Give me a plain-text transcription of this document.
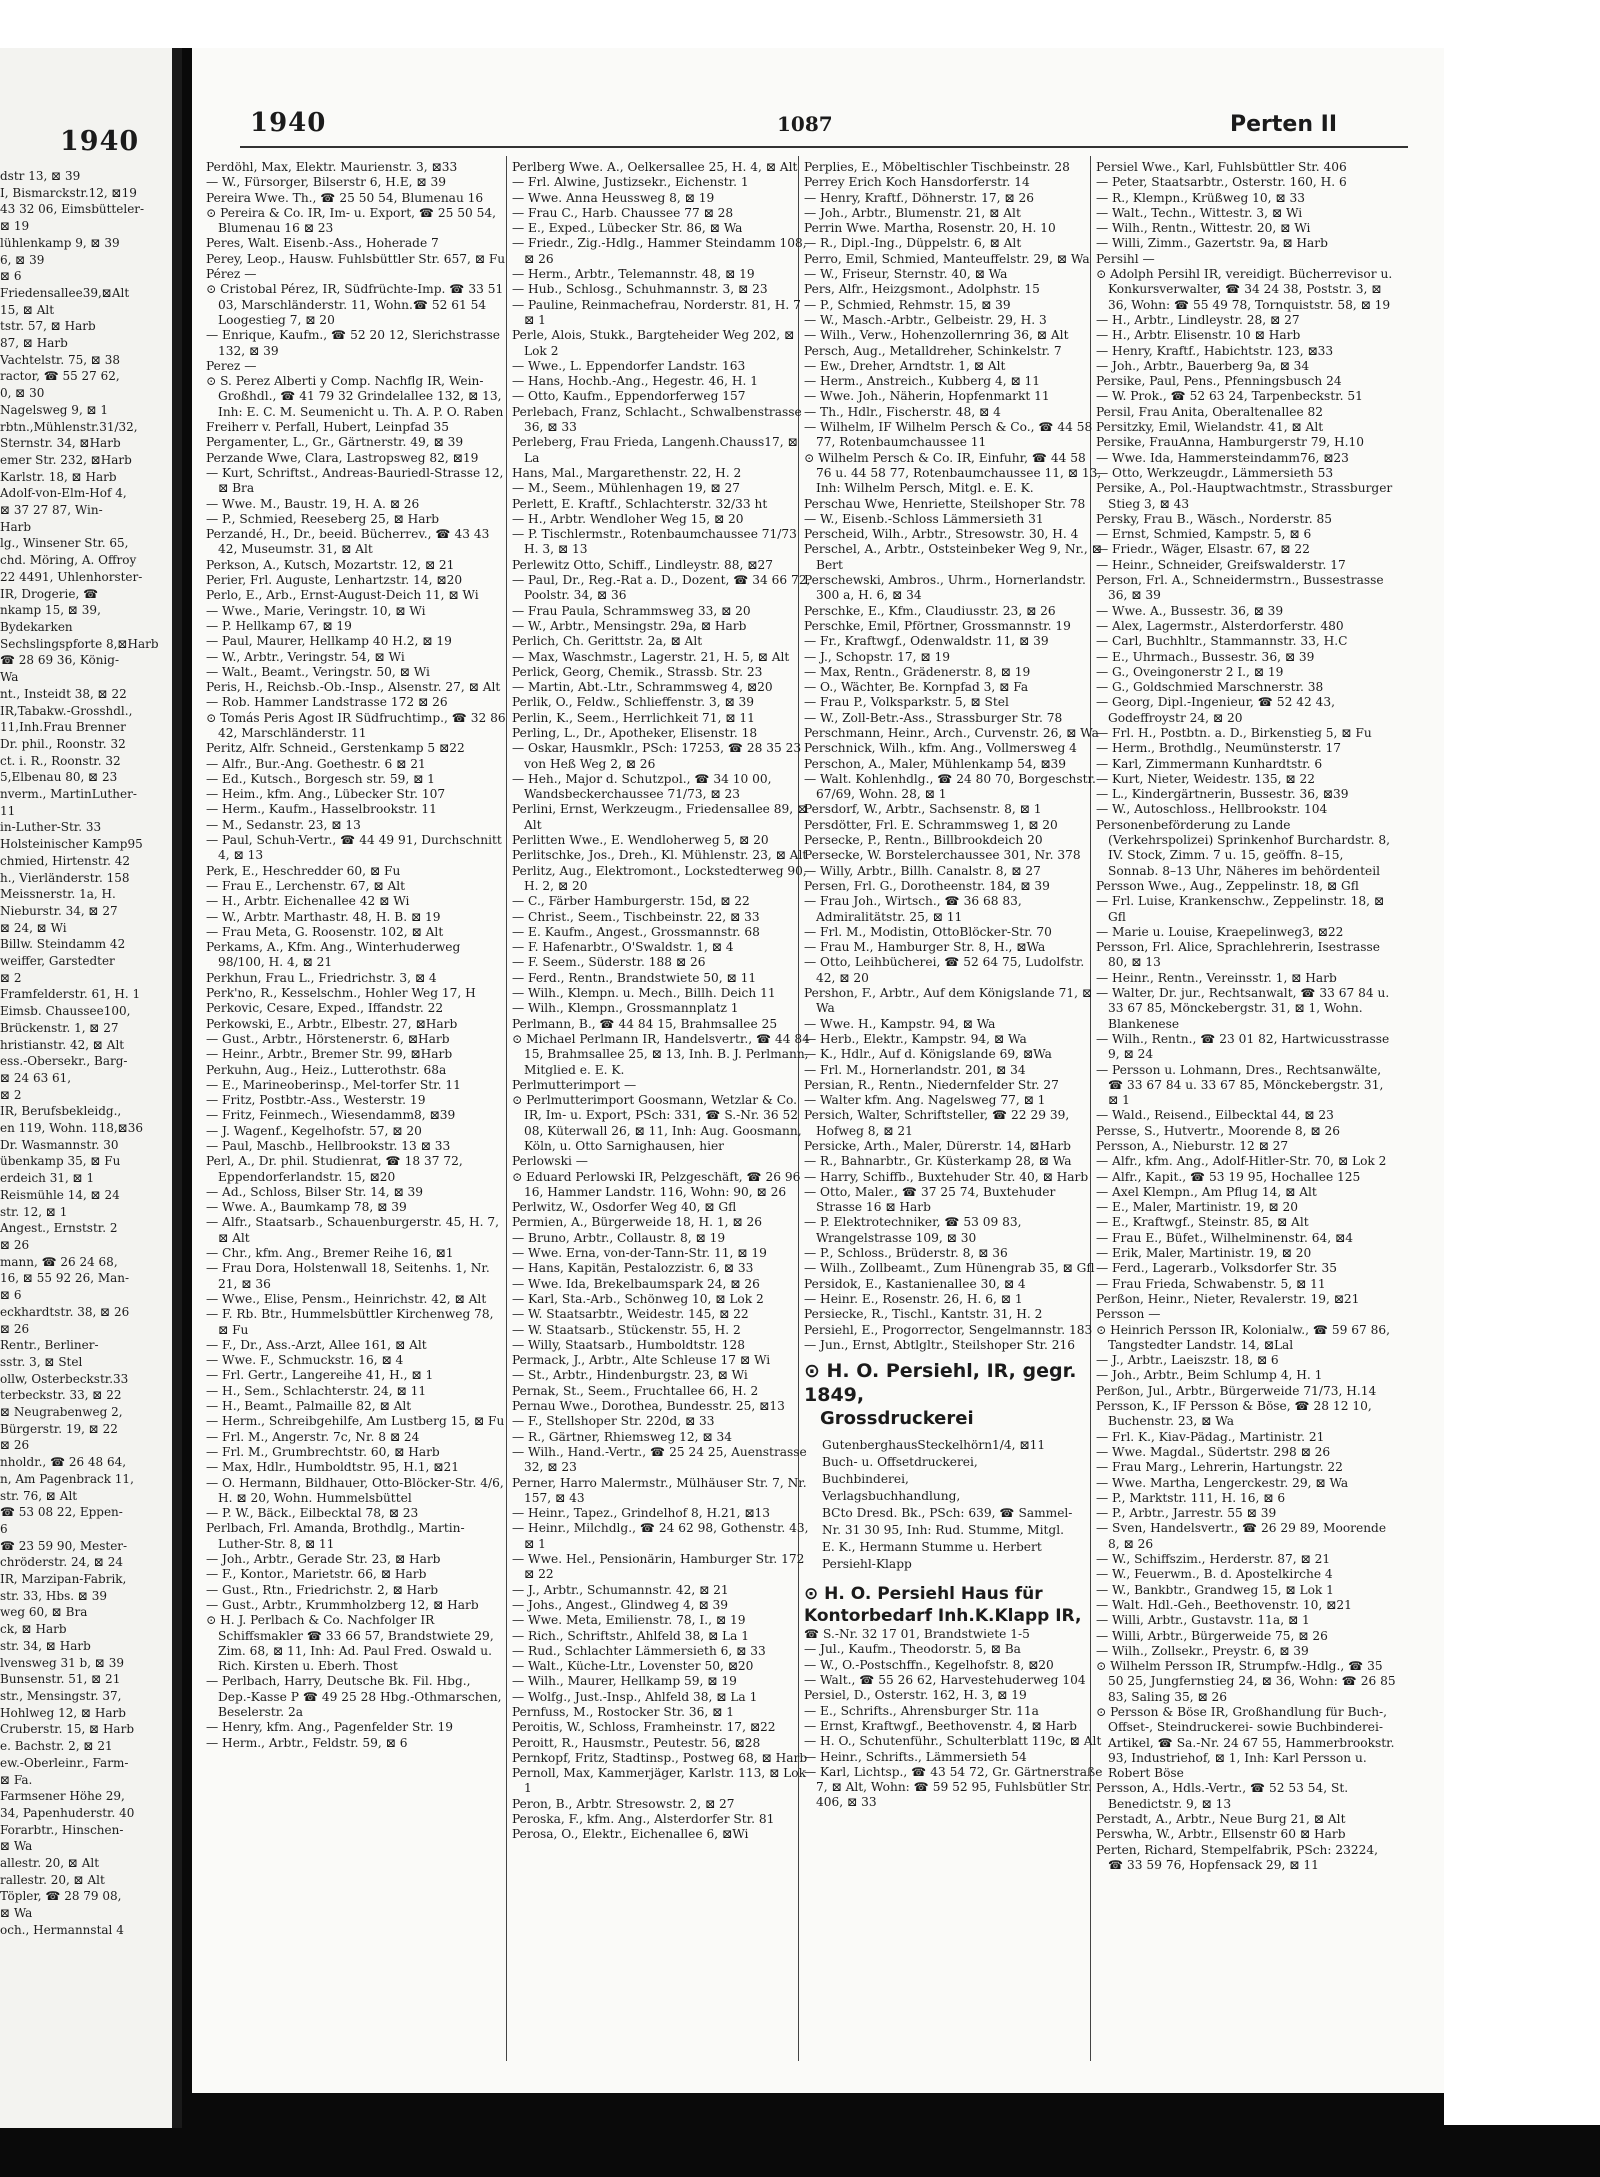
1940
dstr 13, ⊠ 39
I, Bismarckstr.12, ⊠19
43 32 06, Eimsbütteler-
⊠ 19
lühlenkamp 9, ⊠ 39
6, ⊠ 39
⊠ 6
Friedensallee39,⊠Alt
15, ⊠ Alt
tstr. 57, ⊠ Harb
87, ⊠ Harb
Vachtelstr. 75, ⊠ 38
ractor, ☎ 55 27 62,
0, ⊠ 30
Nagelsweg 9, ⊠ 1
rbtn.,Mühlenstr.31/32,
Sternstr. 34, ⊠Harb
emer Str. 232, ⊠Harb
Karlstr. 18, ⊠ Harb
Adolf-von-Elm-Hof 4,
⊠ 37 27 87, Win-
Harb
lg., Winsener Str. 65,
chd. Möring, A. Offroy
22 4491, Uhlenhorster-
IR, Drogerie, ☎
nkamp 15, ⊠ 39,
Bydekarken
Sechslingspforte 8,⊠Harb
☎ 28 69 36, König-
Wa
nt., Insteidt 38, ⊠ 22
IR,Tabakw.-Grosshdl.,
11,Inh.Frau Brenner
Dr. phil., Roonstr. 32
ct. i. R., Roonstr. 32
5,Elbenau 80, ⊠ 23
nverm., MartinLuther-
11
in-Luther-Str. 33
Holsteinischer Kamp95
chmied, Hirtenstr. 42
h., Vierländerstr. 158
Meissnerstr. 1a, H.
Nieburstr. 34, ⊠ 27
⊠ 24, ⊠ Wi
Billw. Steindamm 42
weiffer, Garstedter
⊠ 2
Framfelderstr. 61, H. 1
Eimsb. Chaussee100,
Brückenstr. 1, ⊠ 27
hristianstr. 42, ⊠ Alt
ess.-Obersekr., Barg-
⊠ 24 63 61,
⊠ 2
IR, Berufsbekleidg.,
en 119, Wohn. 118,⊠36
Dr. Wasmannstr. 30
übenkamp 35, ⊠ Fu
erdeich 31, ⊠ 1
Reismühle 14, ⊠ 24
str. 12, ⊠ 1
Angest., Ernststr. 2
⊠ 26
mann, ☎ 26 24 68,
16, ⊠ 55 92 26, Man-
⊠ 6
eckhardtstr. 38, ⊠ 26
⊠ 26
Rentr., Berliner-
sstr. 3, ⊠ Stel
ollw, Osterbeckstr.33
terbeckstr. 33, ⊠ 22
⊠ Neugrabenweg 2,
Bürgerstr. 19, ⊠ 22
⊠ 26
nholdr., ☎ 26 48 64,
n, Am Pagenbrack 11,
str. 76, ⊠ Alt
☎ 53 08 22, Eppen-
6
☎ 23 59 90, Mester-
chröderstr. 24, ⊠ 24
IR, Marzipan-Fabrik,
str. 33, Hbs. ⊠ 39
weg 60, ⊠ Bra
ck, ⊠ Harb
str. 34, ⊠ Harb
lvensweg 31 b, ⊠ 39
Bunsenstr. 51, ⊠ 21
str., Mensingstr. 37,
Hohlweg 12, ⊠ Harb
Cruberstr. 15, ⊠ Harb
e. Bachstr. 2, ⊠ 21
ew.-Oberleinr., Farm-
⊠ Fa.
Farmsener Höhe 29,
34, Papenhuderstr. 40
Forarbtr., Hinschen-
⊠ Wa
allestr. 20, ⊠ Alt
rallestr. 20, ⊠ Alt
Töpler, ☎ 28 79 08,
⊠ Wa
och., Hermannstal 4
1940	1087	Perten II
Perdöhl, Max, Elektr. Maurienstr. 3, ⊠33
— W., Fürsorger, Bilserstr 6, H.E, ⊠ 39
Pereira Wwe. Th., ☎ 25 50 54, Blumenau 16
⊙ Pereira & Co. IR, Im- u. Export, ☎ 25 50 54, Blumenau 16 ⊠ 23
Peres, Walt. Eisenb.-Ass., Hoherade 7
Perey, Leop., Hausw. Fuhlsbüttler Str. 657, ⊠ Fu
Pérez —
⊙ Cristobal Pérez, IR, Südfrüchte-Imp. ☎ 33 51 03, Marschländerstr. 11, Wohn.☎ 52 61 54 Loogestieg 7, ⊠ 20
— Enrique, Kaufm., ☎ 52 20 12, Slerichstrasse 132, ⊠ 39
Perez —
⊙ S. Perez Alberti y Comp. Nachflg IR, Wein-Großhdl., ☎ 41 79 32 Grindelallee 132, ⊠ 13, Inh: E. C. M. Seumenicht u. Th. A. P. O. Raben
Freiherr v. Perfall, Hubert, Leinpfad 35
Pergamenter, L., Gr., Gärtnerstr. 49, ⊠ 39
Perzande Wwe, Clara, Lastropsweg 82, ⊠19
— Kurt, Schriftst., Andreas-Bauriedl-Strasse 12, ⊠ Bra
— Wwe. M., Baustr. 19, H. A. ⊠ 26
— P., Schmied, Reeseberg 25, ⊠ Harb
Perzandé, H., Dr., beeid. Bücherrev., ☎ 43 43 42, Museumstr. 31, ⊠ Alt
Perkson, A., Kutsch, Mozartstr. 12, ⊠ 21
Perier, Frl. Auguste, Lenhartzstr. 14, ⊠20
Perlo, E., Arb., Ernst-August-Deich 11, ⊠ Wi
— Wwe., Marie, Veringstr. 10, ⊠ Wi
— P. Hellkamp 67, ⊠ 19
— Paul, Maurer, Hellkamp 40 H.2, ⊠ 19
— W., Arbtr., Veringstr. 54, ⊠ Wi
— Walt., Beamt., Veringstr. 50, ⊠ Wi
Peris, H., Reichsb.-Ob.-Insp., Alsenstr. 27, ⊠ Alt
— Rob. Hammer Landstrasse 172 ⊠ 26
⊙ Tomás Peris Agost IR Südfruchtimp., ☎ 32 86 42, Marschländerstr. 11
Peritz, Alfr. Schneid., Gerstenkamp 5 ⊠22
— Alfr., Bur.-Ang. Goethestr. 6 ⊠ 21
— Ed., Kutsch., Borgesch str. 59, ⊠ 1
— Heim., kfm. Ang., Lübecker Str. 107
— Herm., Kaufm., Hasselbrookstr. 11
— M., Sedanstr. 23, ⊠ 13
— Paul, Schuh-Vertr., ☎ 44 49 91, Durchschnitt 4, ⊠ 13
Perk, E., Heschredder 60, ⊠ Fu
— Frau E., Lerchenstr. 67, ⊠ Alt
— H., Arbtr. Eichenallee 42 ⊠ Wi
— W., Arbtr. Marthastr. 48, H. B. ⊠ 19
— Frau Meta, G. Roosenstr. 102, ⊠ Alt
Perkams, A., Kfm. Ang., Winterhuderweg 98/100, H. 4, ⊠ 21
Perkhun, Frau L., Friedrichstr. 3, ⊠ 4
Perk'no, R., Kesselschm., Hohler Weg 17, H
Perkovic, Cesare, Exped., Iffandstr. 22
Perkowski, E., Arbtr., Elbestr. 27, ⊠Harb
— Gust., Arbtr., Hörstenerstr. 6, ⊠Harb
— Heinr., Arbtr., Bremer Str. 99, ⊠Harb
Perkuhn, Aug., Heiz., Lutterothstr. 68a
— E., Marineoberinsp., Mel-torfer Str. 11
— Fritz, Postbtr.-Ass., Westerstr. 19
— Fritz, Feinmech., Wiesendamm8, ⊠39
— J. Wagenf., Kegelhofstr. 57, ⊠ 20
— Paul, Maschb., Hellbrookstr. 13 ⊠ 33
Perl, A., Dr. phil. Studienrat, ☎ 18 37 72, Eppendorferlandstr. 15, ⊠20
— Ad., Schloss, Bilser Str. 14, ⊠ 39
— Wwe. A., Baumkamp 78, ⊠ 39
— Alfr., Staatsarb., Schauenburgerstr. 45, H. 7, ⊠ Alt
— Chr., kfm. Ang., Bremer Reihe 16, ⊠1
— Frau Dora, Holstenwall 18, Seitenhs. 1, Nr. 21, ⊠ 36
— Wwe., Elise, Pensm., Heinrichstr. 42, ⊠ Alt
— F. Rb. Btr., Hummelsbüttler Kirchenweg 78, ⊠ Fu
— F., Dr., Ass.-Arzt, Allee 161, ⊠ Alt
— Wwe. F., Schmuckstr. 16, ⊠ 4
— Frl. Gertr., Langereihe 41, H., ⊠ 1
— H., Sem., Schlachterstr. 24, ⊠ 11
— H., Beamt., Palmaille 82, ⊠ Alt
— Herm., Schreibgehilfe, Am Lustberg 15, ⊠ Fu
— Frl. M., Angerstr. 7c, Nr. 8 ⊠ 24
— Frl. M., Grumbrechtstr. 60, ⊠ Harb
— Max, Hdlr., Humboldtstr. 95, H.1, ⊠21
— O. Hermann, Bildhauer, Otto-Blöcker-Str. 4/6, H. ⊠ 20, Wohn. Hummelsbüttel
— P. W., Bäck., Eilbecktal 78, ⊠ 23
Perlbach, Frl. Amanda, Brothdlg., Martin-Luther-Str. 8, ⊠ 11
— Joh., Arbtr., Gerade Str. 23, ⊠ Harb
— F., Kontor., Marietstr. 66, ⊠ Harb
— Gust., Rtn., Friedrichstr. 2, ⊠ Harb
— Gust., Arbtr., Krummholzberg 12, ⊠ Harb
⊙ H. J. Perlbach & Co. Nachfolger IR Schiffsmakler ☎ 33 66 57, Brandstwiete 29, Zim. 68, ⊠ 11, Inh: Ad. Paul Fred. Oswald u. Rich. Kirsten u. Eberh. Thost
— Perlbach, Harry, Deutsche Bk. Fil. Hbg., Dep.-Kasse P ☎ 49 25 28 Hbg.-Othmarschen, Beselerstr. 2a
— Henry, kfm. Ang., Pagenfelder Str. 19
— Herm., Arbtr., Feldstr. 59, ⊠ 6
Perlberg Wwe. A., Oelkersallee 25, H. 4, ⊠ Alt
— Frl. Alwine, Justizsekr., Eichenstr. 1
— Wwe. Anna Heussweg 8, ⊠ 19
— Frau C., Harb. Chaussee 77 ⊠ 28
— E., Exped., Lübecker Str. 86, ⊠ Wa
— Friedr., Zig.-Hdlg., Hammer Steindamm 108, ⊠ 26
— Herm., Arbtr., Telemannstr. 48, ⊠ 19
— Hub., Schlosg., Schuhmannstr. 3, ⊠ 23
— Pauline, Reinmachefrau, Norderstr. 81, H. 7 ⊠ 1
Perle, Alois, Stukk., Bargteheider Weg 202, ⊠ Lok 2
— Wwe., L. Eppendorfer Landstr. 163
— Hans, Hochb.-Ang., Hegestr. 46, H. 1
— Otto, Kaufm., Eppendorferweg 157
Perlebach, Franz, Schlacht., Schwalbenstrasse 36, ⊠ 33
Perleberg, Frau Frieda, Langenh.Chauss17, ⊠ La
Hans, Mal., Margarethenstr. 22, H. 2
— M., Seem., Mühlenhagen 19, ⊠ 27
Perlett, E. Kraftf., Schlachterstr. 32/33 ht
— H., Arbtr. Wendloher Weg 15, ⊠ 20
— P. Tischlermstr., Rotenbaumchaussee 71/73 H. 3, ⊠ 13
Perlewitz Otto, Schiff., Lindleystr. 88, ⊠27
— Paul, Dr., Reg.-Rat a. D., Dozent, ☎ 34 66 72, Poolstr. 34, ⊠ 36
— Frau Paula, Schrammsweg 33, ⊠ 20
— W., Arbtr., Mensingstr. 29a, ⊠ Harb
Perlich, Ch. Gerittstr. 2a, ⊠ Alt
— Max, Waschmstr., Lagerstr. 21, H. 5, ⊠ Alt
Perlick, Georg, Chemik., Strassb. Str. 23
— Martin, Abt.-Ltr., Schrammsweg 4, ⊠20
Perlik, O., Feldw., Schlieffenstr. 3, ⊠ 39
Perlin, K., Seem., Herrlichkeit 71, ⊠ 11
Perling, L., Dr., Apotheker, Elisenstr. 18
— Oskar, Hausmklr., PSch: 17253, ☎ 28 35 23 von Heß Weg 2, ⊠ 26
— Heh., Major d. Schutzpol., ☎ 34 10 00, Wandsbeckerchaussee 71/73, ⊠ 23
Perlini, Ernst, Werkzeugm., Friedensallee 89, ⊠ Alt
Perlitten Wwe., E. Wendloherweg 5, ⊠ 20
Perlitschke, Jos., Dreh., Kl. Mühlenstr. 23, ⊠ Alt
Perlitz, Aug., Elektromont., Lockstedterweg 90, H. 2, ⊠ 20
— C., Färber Hamburgerstr. 15d, ⊠ 22
— Christ., Seem., Tischbeinstr. 22, ⊠ 33
— E. Kaufm., Angest., Grossmannstr. 68
— F. Hafenarbtr., O'Swaldstr. 1, ⊠ 4
— F. Seem., Süderstr. 188 ⊠ 26
— Ferd., Rentn., Brandstwiete 50, ⊠ 11
— Wilh., Klempn. u. Mech., Billh. Deich 11
— Wilh., Klempn., Grossmannplatz 1
Perlmann, B., ☎ 44 84 15, Brahmsallee 25
⊙ Michael Perlmann IR, Handelsvertr., ☎ 44 84 15, Brahmsallee 25, ⊠ 13, Inh. B. J. Perlmann, Mitglied e. E. K.
Perlmutterimport —
⊙ Perlmutterimport Goosmann, Wetzlar & Co. IR, Im- u. Export, PSch: 331, ☎ S.-Nr. 36 52 08, Küterwall 26, ⊠ 11, Inh: Aug. Goosmann, Köln, u. Otto Sarnighausen, hier
Perlowski —
⊙ Eduard Perlowski IR, Pelzgeschäft, ☎ 26 96 16, Hammer Landstr. 116, Wohn: 90, ⊠ 26
Perlwitz, W., Osdorfer Weg 40, ⊠ Gfl
Permien, A., Bürgerweide 18, H. 1, ⊠ 26
— Bruno, Arbtr., Collaustr. 8, ⊠ 19
— Wwe. Erna, von-der-Tann-Str. 11, ⊠ 19
— Hans, Kapitän, Pestalozzistr. 6, ⊠ 33
— Wwe. Ida, Brekelbaumspark 24, ⊠ 26
— Karl, Sta.-Arb., Schönweg 10, ⊠ Lok 2
— W. Staatsarbtr., Weidestr. 145, ⊠ 22
— W. Staatsarb., Stückenstr. 55, H. 2
— Willy, Staatsarb., Humboldtstr. 128
Permack, J., Arbtr., Alte Schleuse 17 ⊠ Wi
— St., Arbtr., Hindenburgstr. 23, ⊠ Wi
Pernak, St., Seem., Fruchtallee 66, H. 2
Pernau Wwe., Dorothea, Bundesstr. 25, ⊠13
— F., Stellshoper Str. 220d, ⊠ 33
— R., Gärtner, Rhiemsweg 12, ⊠ 34
— Wilh., Hand.-Vertr., ☎ 25 24 25, Auenstrasse 32, ⊠ 23
Perner, Harro Malermstr., Mülhäuser Str. 7, Nr. 157, ⊠ 43
— Heinr., Tapez., Grindelhof 8, H.21, ⊠13
— Heinr., Milchdlg., ☎ 24 62 98, Gothenstr. 43, ⊠ 1
— Wwe. Hel., Pensionärin, Hamburger Str. 172 ⊠ 22
— J., Arbtr., Schumannstr. 42, ⊠ 21
— Johs., Angest., Glindweg 4, ⊠ 39
— Wwe. Meta, Emilienstr. 78, I., ⊠ 19
— Rich., Schriftstr., Ahlfeld 38, ⊠ La 1
— Rud., Schlachter Lämmersieth 6, ⊠ 33
— Walt., Küche-Ltr., Lovenster 50, ⊠20
— Wilh., Maurer, Hellkamp 59, ⊠ 19
— Wolfg., Just.-Insp., Ahlfeld 38, ⊠ La 1
Pernfuss, M., Rostocker Str. 36, ⊠ 1
Peroitis, W., Schloss, Framheinstr. 17, ⊠22
Peroitt, R., Hausmstr., Peutestr. 56, ⊠28
Pernkopf, Fritz, Stadtinsp., Postweg 68, ⊠ Harb
Pernoll, Max, Kammerjäger, Karlstr. 113, ⊠ Lok 1
Peron, B., Arbtr. Stresowstr. 2, ⊠ 27
Peroska, F., kfm. Ang., Alsterdorfer Str. 81
Perosa, O., Elektr., Eichenallee 6, ⊠Wi
Perplies, E., Möbeltischler Tischbeinstr. 28
Perrey Erich Koch Hansdorferstr. 14
— Henry, Kraftf., Döhnerstr. 17, ⊠ 26
— Joh., Arbtr., Blumenstr. 21, ⊠ Alt
Perrin Wwe. Martha, Rosenstr. 20, H. 10
— R., Dipl.-Ing., Düppelstr. 6, ⊠ Alt
Perro, Emil, Schmied, Manteuffelstr. 29, ⊠ Wa
— W., Friseur, Sternstr. 40, ⊠ Wa
Pers, Alfr., Heizgsmont., Adolphstr. 15
— P., Schmied, Rehmstr. 15, ⊠ 39
— W., Masch.-Arbtr., Gelbeistr. 29, H. 3
— Wilh., Verw., Hohenzollernring 36, ⊠ Alt
Persch, Aug., Metalldreher, Schinkelstr. 7
— Ew., Dreher, Arndtstr. 1, ⊠ Alt
— Herm., Anstreich., Kubberg 4, ⊠ 11
— Wwe. Joh., Näherin, Hopfenmarkt 11
— Th., Hdlr., Fischerstr. 48, ⊠ 4
— Wilhelm, IF Wilhelm Persch & Co., ☎ 44 58 77, Rotenbaumchaussee 11
⊙ Wilhelm Persch & Co. IR, Einfuhr, ☎ 44 58 76 u. 44 58 77, Rotenbaumchaussee 11, ⊠ 13, Inh: Wilhelm Persch, Mitgl. e. E. K.
Perschau Wwe, Henriette, Steilshoper Str. 78
— W., Eisenb.-Schloss Lämmersieth 31
Perscheid, Wilh., Arbtr., Stresowstr. 30, H. 4
Perschel, A., Arbtr., Oststeinbeker Weg 9, Nr., ⊠ Bert
Perschewski, Ambros., Uhrm., Hornerlandstr. 300 a, H. 6, ⊠ 34
Perschke, E., Kfm., Claudiusstr. 23, ⊠ 26
Perschke, Emil, Pförtner, Grossmannstr. 19
— Fr., Kraftwgf., Odenwaldstr. 11, ⊠ 39
— J., Schopstr. 17, ⊠ 19
— Max, Rentn., Grädenerstr. 8, ⊠ 19
— O., Wächter, Be. Kornpfad 3, ⊠ Fa
— Frau P., Volksparkstr. 5, ⊠ Stel
— W., Zoll-Betr.-Ass., Strassburger Str. 78
Perschmann, Heinr., Arch., Curvenstr. 26, ⊠ Wa
Perschnick, Wilh., kfm. Ang., Vollmersweg 4
Perschon, A., Maler, Mühlenkamp 54, ⊠39
— Walt. Kohlenhdlg., ☎ 24 80 70, Borgeschstr. 67/69, Wohn. 28, ⊠ 1
Persdorf, W., Arbtr., Sachsenstr. 8, ⊠ 1
Persdötter, Frl. E. Schrammsweg 1, ⊠ 20
Persecke, P., Rentn., Billbrookdeich 20
Persecke, W. Borstelerchaussee 301, Nr. 378
— Willy, Arbtr., Billh. Canalstr. 8, ⊠ 27
Persen, Frl. G., Dorotheenstr. 184, ⊠ 39
— Frau Joh., Wirtsch., ☎ 36 68 83, Admiralitätstr. 25, ⊠ 11
— Frl. M., Modistin, OttoBlöcker-Str. 70
— Frau M., Hamburger Str. 8, H., ⊠Wa
— Otto, Leihbücherei, ☎ 52 64 75, Ludolfstr. 42, ⊠ 20
Pershon, F., Arbtr., Auf dem Königslande 71, ⊠ Wa
— Wwe. H., Kampstr. 94, ⊠ Wa
— Herb., Elektr., Kampstr. 94, ⊠ Wa
— K., Hdlr., Auf d. Königslande 69, ⊠Wa
— Frl. M., Hornerlandstr. 201, ⊠ 34
Persian, R., Rentn., Niedernfelder Str. 27
— Walter kfm. Ang. Nagelsweg 77, ⊠ 1
Persich, Walter, Schriftsteller, ☎ 22 29 39, Hofweg 8, ⊠ 21
Persicke, Arth., Maler, Dürerstr. 14, ⊠Harb
— R., Bahnarbtr., Gr. Küsterkamp 28, ⊠ Wa
— Harry, Schiffb., Buxtehuder Str. 40, ⊠ Harb
— Otto, Maler., ☎ 37 25 74, Buxtehuder Strasse 16 ⊠ Harb
— P. Elektrotechniker, ☎ 53 09 83, Wrangelstrasse 109, ⊠ 30
— P., Schloss., Brüderstr. 8, ⊠ 36
— Wilh., Zollbeamt., Zum Hünengrab 35, ⊠ Gfl
Persidok, E., Kastanienallee 30, ⊠ 4
— Heinr. E., Rosenstr. 26, H. 6, ⊠ 1
Persiecke, R., Tischl., Kantstr. 31, H. 2
Persiehl, E., Progorrector, Sengelmannstr. 183
— Jun., Ernst, Abtlgltr., Steilshoper Str. 216
⊙ H. O. Persiehl, IR, gegr. 1849,
Grossdruckerei
GutenberghausSteckelhörn1/4, ⊠11
Buch- u. Offsetdruckerei,
Buchbinderei,
Verlagsbuchhandlung,
BCto Dresd. Bk., PSch: 639, ☎ Sammel-
Nr. 31 30 95, Inh: Rud. Stumme, Mitgl.
E. K., Hermann Stumme u. Herbert
Persiehl-Klapp
⊙ H. O. Persiehl Haus für
Kontorbedarf Inh.K.Klapp IR,
☎ S.-Nr. 32 17 01, Brandstwiete 1-5
— Jul., Kaufm., Theodorstr. 5, ⊠ Ba
— W., O.-Postschffn., Kegelhofstr. 8, ⊠20
— Walt., ☎ 55 26 62, Harvestehuderweg 104
Persiel, D., Osterstr. 162, H. 3, ⊠ 19
— E., Schrifts., Ahrensburger Str. 11a
— Ernst, Kraftwgf., Beethovenstr. 4, ⊠ Harb
— H. O., Schutenführ., Schulterblatt 119c, ⊠ Alt
— Heinr., Schrifts., Lämmersieth 54
— Karl, Lichtsp., ☎ 43 54 72, Gr. Gärtnerstraße 7, ⊠ Alt, Wohn: ☎ 59 52 95, Fuhlsbütler Str. 406, ⊠ 33
Persiel Wwe., Karl, Fuhlsbüttler Str. 406
— Peter, Staatsarbtr., Osterstr. 160, H. 6
— R., Klempn., Krüßweg 10, ⊠ 33
— Walt., Techn., Wittestr. 3, ⊠ Wi
— Wilh., Rentn., Wittestr. 20, ⊠ Wi
— Willi, Zimm., Gazertstr. 9a, ⊠ Harb
Persihl —
⊙ Adolph Persihl IR, vereidigt. Bücherrevisor u. Konkursverwalter, ☎ 34 24 38, Poststr. 3, ⊠ 36, Wohn: ☎ 55 49 78, Tornquiststr. 58, ⊠ 19
— H., Arbtr., Lindleystr. 28, ⊠ 27
— H., Arbtr. Elisenstr. 10 ⊠ Harb
— Henry, Kraftf., Habichtstr. 123, ⊠33
— Joh., Arbtr., Bauerberg 9a, ⊠ 34
Persike, Paul, Pens., Pfenningsbusch 24
— W. Prok., ☎ 52 63 24, Tarpenbeckstr. 51
Persil, Frau Anita, Oberaltenallee 82
Persitzky, Emil, Wielandstr. 41, ⊠ Alt
Persike, FrauAnna, Hamburgerstr 79, H.10
— Wwe. Ida, Hammersteindamm76, ⊠23
— Otto, Werkzeugdr., Lämmersieth 53
Persike, A., Pol.-Hauptwachtmstr., Strassburger Stieg 3, ⊠ 43
Persky, Frau B., Wäsch., Norderstr. 85
— Ernst, Schmied, Kampstr. 5, ⊠ 6
— Friedr., Wäger, Elsastr. 67, ⊠ 22
— Heinr., Schneider, Greifswalderstr. 17
Person, Frl. A., Schneidermstrn., Bussestrasse 36, ⊠ 39
— Wwe. A., Bussestr. 36, ⊠ 39
— Alex, Lagermstr., Alsterdorferstr. 480
— Carl, Buchhltr., Stammannstr. 33, H.C
— E., Uhrmach., Bussestr. 36, ⊠ 39
— G., Oveingonerstr 2 I., ⊠ 19
— G., Goldschmied Marschnerstr. 38
— Georg, Dipl.-Ingenieur, ☎ 52 42 43, Godeffroystr 24, ⊠ 20
— Frl. H., Postbtn. a. D., Birkenstieg 5, ⊠ Fu
— Herm., Brothdlg., Neumünsterstr. 17
— Karl, Zimmermann Kunhardtstr. 6
— Kurt, Nieter, Weidestr. 135, ⊠ 22
— L., Kindergärtnerin, Bussestr. 36, ⊠39
— W., Autoschloss., Hellbrookstr. 104
Personenbeförderung zu Lande (Verkehrspolizei) Sprinkenhof Burchardstr. 8, IV. Stock, Zimm. 7 u. 15, geöffn. 8–15, Sonnab. 8–13 Uhr, Näheres im behördenteil
Persson Wwe., Aug., Zeppelinstr. 18, ⊠ Gfl
— Frl. Luise, Krankenschw., Zeppelinstr. 18, ⊠ Gfl
— Marie u. Louise, Kraepelinweg3, ⊠22
Persson, Frl. Alice, Sprachlehrerin, Isestrasse 80, ⊠ 13
— Heinr., Rentn., Vereinsstr. 1, ⊠ Harb
— Walter, Dr. jur., Rechtsanwalt, ☎ 33 67 84 u. 33 67 85, Mönckebergstr. 31, ⊠ 1, Wohn. Blankenese
— Wilh., Rentn., ☎ 23 01 82, Hartwicusstrasse 9, ⊠ 24
— Persson u. Lohmann, Dres., Rechtsanwälte, ☎ 33 67 84 u. 33 67 85, Mönckebergstr. 31, ⊠ 1
— Wald., Reisend., Eilbecktal 44, ⊠ 23
Persse, S., Hutvertr., Moorende 8, ⊠ 26
Persson, A., Nieburstr. 12 ⊠ 27
— Alfr., kfm. Ang., Adolf-Hitler-Str. 70, ⊠ Lok 2
— Alfr., Kapit., ☎ 53 19 95, Hochallee 125
— Axel Klempn., Am Pflug 14, ⊠ Alt
— E., Maler, Martinistr. 19, ⊠ 20
— E., Kraftwgf., Steinstr. 85, ⊠ Alt
— Frau E., Büfet., Wilhelminenstr. 64, ⊠4
— Erik, Maler, Martinistr. 19, ⊠ 20
— Ferd., Lagerarb., Volksdorfer Str. 35
— Frau Frieda, Schwabenstr. 5, ⊠ 11
Perßon, Heinr., Nieter, Revalerstr. 19, ⊠21
Persson —
⊙ Heinrich Persson IR, Kolonialw., ☎ 59 67 86, Tangstedter Landstr. 14, ⊠Lal
— J., Arbtr., Laeiszstr. 18, ⊠ 6
— Joh., Arbtr., Beim Schlump 4, H. 1
Perßon, Jul., Arbtr., Bürgerweide 71/73, H.14
Persson, K., IF Persson & Böse, ☎ 28 12 10, Buchenstr. 23, ⊠ Wa
— Frl. K., Kiav-Pädag., Martinistr. 21
— Wwe. Magdal., Südertstr. 298 ⊠ 26
— Frau Marg., Lehrerin, Hartungstr. 22
— Wwe. Martha, Lengerckestr. 29, ⊠ Wa
— P., Marktstr. 111, H. 16, ⊠ 6
— P., Arbtr., Jarrestr. 55 ⊠ 39
— Sven, Handelsvertr., ☎ 26 29 89, Moorende 8, ⊠ 26
— W., Schiffszim., Herderstr. 87, ⊠ 21
— W., Feuerwm., B. d. Apostelkirche 4
— W., Bankbtr., Grandweg 15, ⊠ Lok 1
— Walt. Hdl.-Geh., Beethovenstr. 10, ⊠21
— Willi, Arbtr., Gustavstr. 11a, ⊠ 1
— Willi, Arbtr., Bürgerweide 75, ⊠ 26
— Wilh., Zollsekr., Preystr. 6, ⊠ 39
⊙ Wilhelm Persson IR, Strumpfw.-Hdlg., ☎ 35 50 25, Jungfernstieg 24, ⊠ 36, Wohn: ☎ 26 85 83, Saling 35, ⊠ 26
⊙ Persson & Böse IR, Großhandlung für Buch-, Offset-, Steindruckerei- sowie Buchbinderei-Artikel, ☎ Sa.-Nr. 24 67 55, Hammerbrookstr. 93, Industriehof, ⊠ 1, Inh: Karl Persson u. Robert Böse
Persson, A., Hdls.-Vertr., ☎ 52 53 54, St. Benedictstr. 9, ⊠ 13
Perstadt, A., Arbtr., Neue Burg 21, ⊠ Alt
Perswha, W., Arbtr., Ellsenstr 60 ⊠ Harb
Perten, Richard, Stempelfabrik, PSch: 23224, ☎ 33 59 76, Hopfensack 29, ⊠ 11
